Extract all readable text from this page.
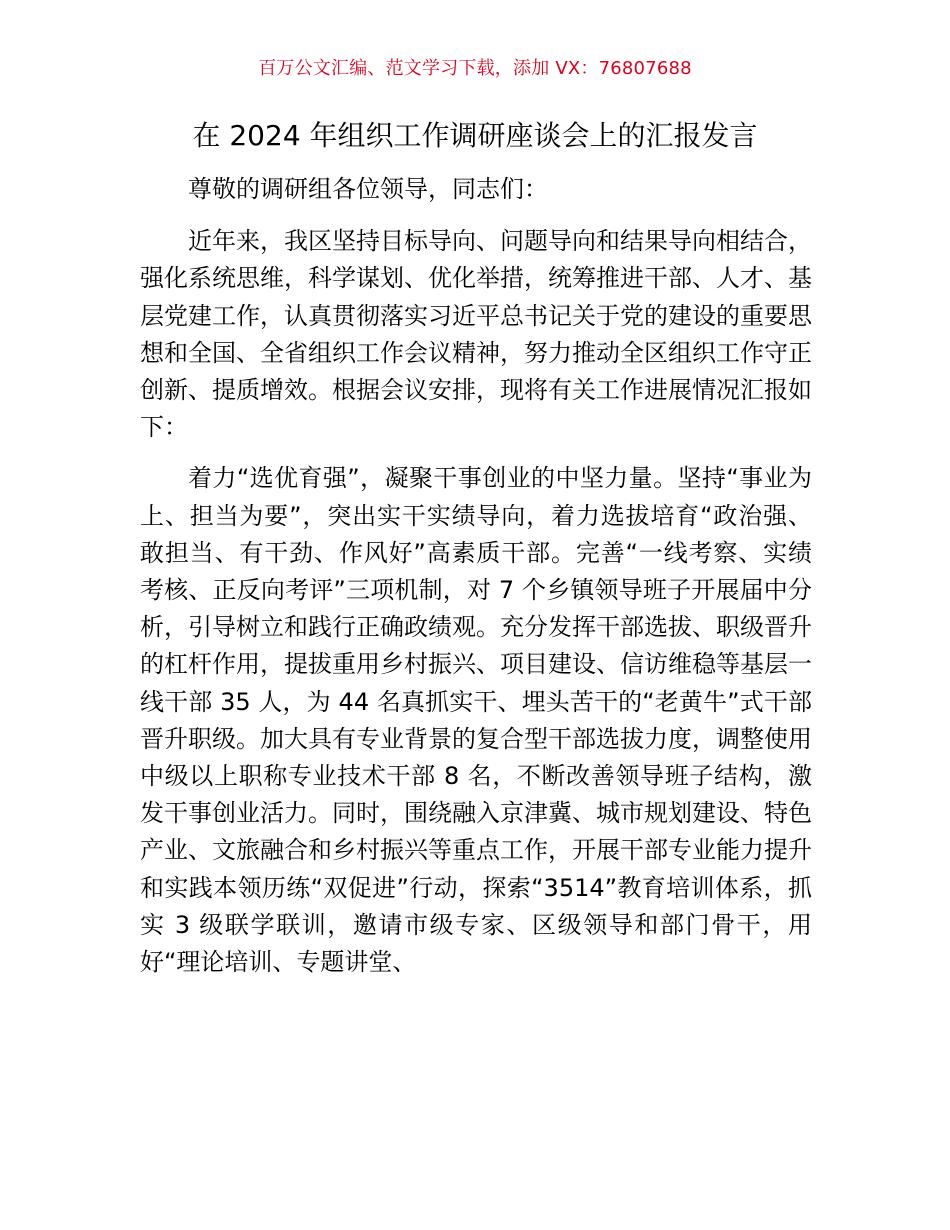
百万公文汇编、范文学习下载，添加 VX：76807688
在 2024 年组织工作调研座谈会上的汇报发言

尊敬的调研组各位领导，同志们：

近年来，我区坚持目标导向、问题导向和结果导向相结合，强化系统思维，科学谋划、优化举措，统筹推进干部、人才、基层党建工作，认真贯彻落实习近平总书记关于党的建设的重要思想和全国、全省组织工作会议精神，努力推动全区组织工作守正创新、提质增效。根据会议安排，现将有关工作进展情况汇报如下：

着力“选优育强”，凝聚干事创业的中坚力量。坚持“事业为上、担当为要”，突出实干实绩导向，着力选拔培育“政治强、敢担当、有干劲、作风好”高素质干部。完善“一线考察、实绩考核、正反向考评”三项机制，对 7 个乡镇领导班子开展届中分析，引导树立和践行正确政绩观。充分发挥干部选拔、职级晋升的杠杆作用，提拔重用乡村振兴、项目建设、信访维稳等基层一线干部 35 人，为 44 名真抓实干、埋头苦干的“老黄牛”式干部晋升职级。加大具有专业背景的复合型干部选拔力度，调整使用中级以上职称专业技术干部 8 名，不断改善领导班子结构，激发干事创业活力。同时，围绕融入京津冀、城市规划建设、特色产业、文旅融合和乡村振兴等重点工作，开展干部专业能力提升和实践本领历练“双促进”行动，探索“3514”教育培训体系，抓实 3 级联学联训，邀请市级专家、区级领导和部门骨干，用好“理论培训、专题讲堂、
